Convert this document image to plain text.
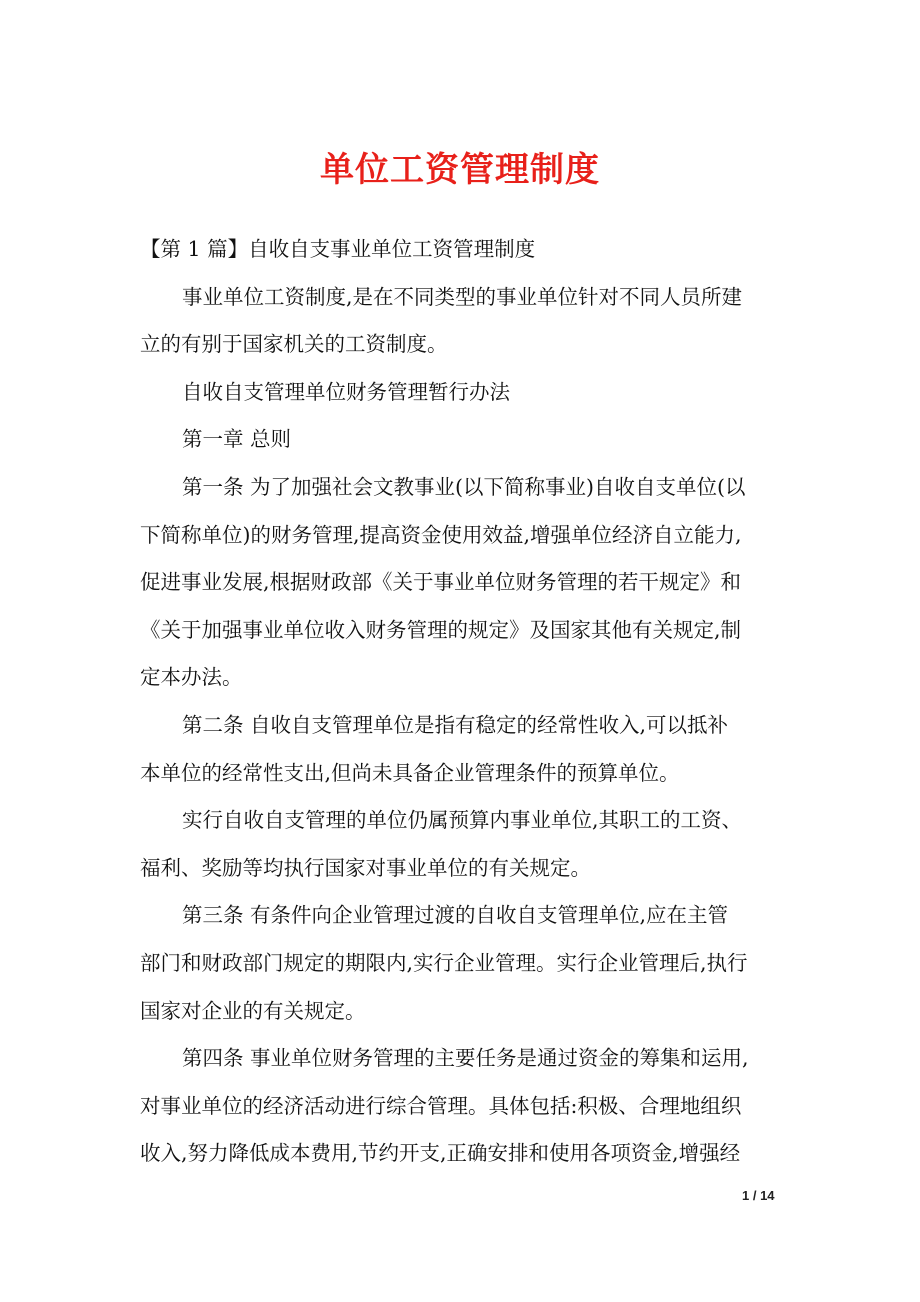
单位工资管理制度
【第 1 篇】自收自支事业单位工资管理制度
事业单位工资制度,是在不同类型的事业单位针对不同人员所建
立的有别于国家机关的工资制度。
自收自支管理单位财务管理暂行办法
第一章 总则
第一条 为了加强社会文教事业(以下简称事业)自收自支单位(以
下简称单位)的财务管理,提高资金使用效益,增强单位经济自立能力,
促进事业发展,根据财政部《关于事业单位财务管理的若干规定》和
《关于加强事业单位收入财务管理的规定》及国家其他有关规定,制
定本办法。
第二条 自收自支管理单位是指有稳定的经常性收入,可以抵补
本单位的经常性支出,但尚未具备企业管理条件的预算单位。
实行自收自支管理的单位仍属预算内事业单位,其职工的工资、
福利、奖励等均执行国家对事业单位的有关规定。
第三条 有条件向企业管理过渡的自收自支管理单位,应在主管
部门和财政部门规定的期限内,实行企业管理。实行企业管理后,执行
国家对企业的有关规定。
第四条 事业单位财务管理的主要任务是通过资金的筹集和运用,
对事业单位的经济活动进行综合管理。具体包括:积极、合理地组织
收入,努力降低成本费用,节约开支,正确安排和使用各项资金,增强经
1 / 14
